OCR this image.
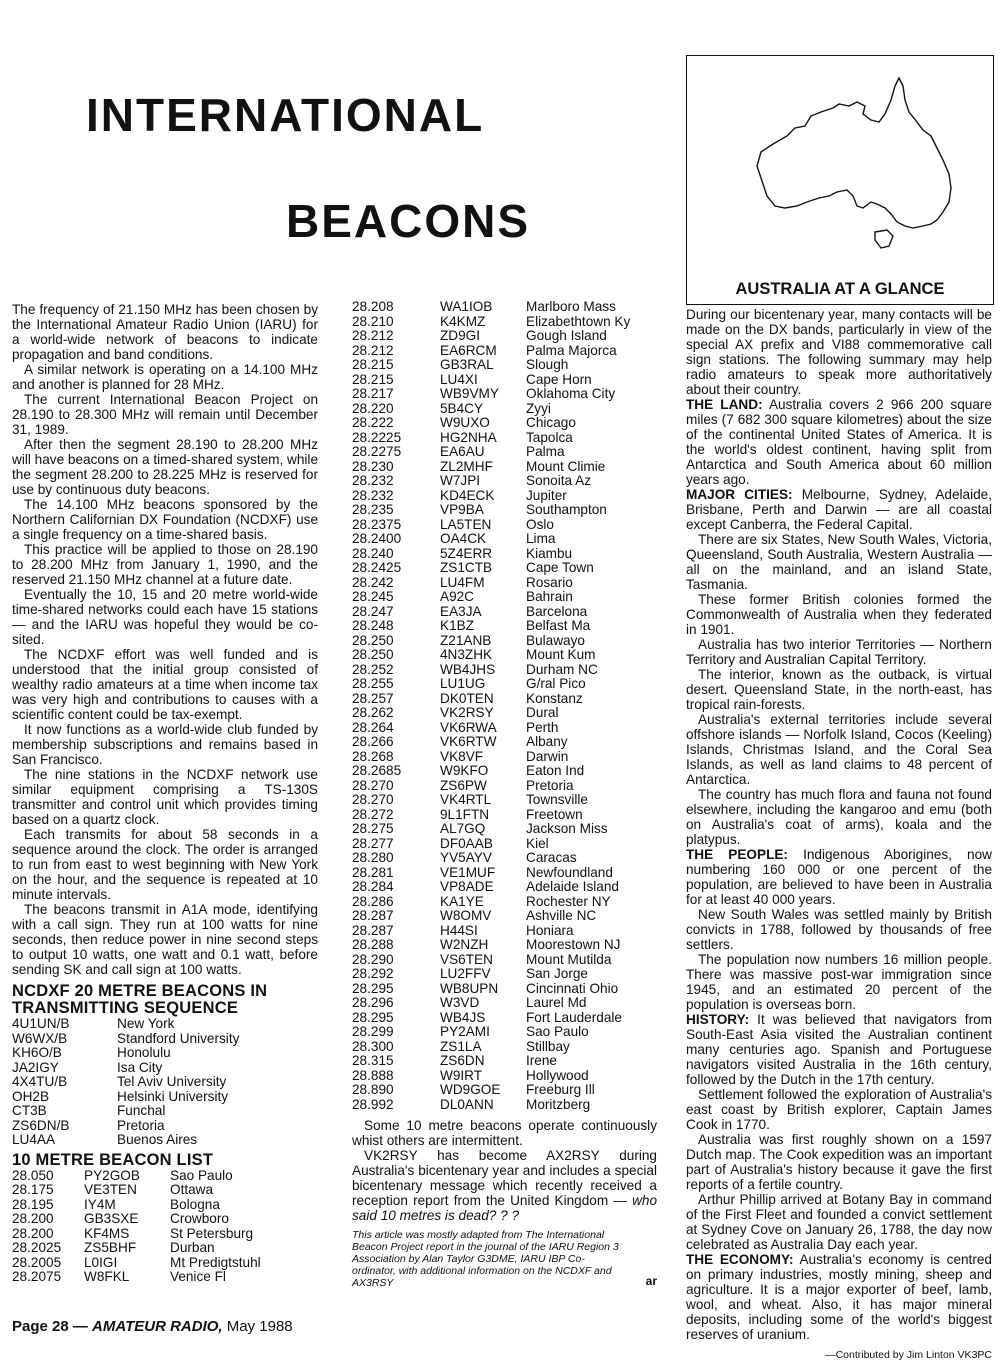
INTERNATIONAL
BEACONS

The frequency of 21.150 MHz has been chosen by the International Amateur Radio Union (IARU) for a world-wide network of beacons to indicate propagation and band conditions.

A similar network is operating on a 14.100 MHz and another is planned for 28 MHz.

The current International Beacon Project on 28.190 to 28.300 MHz will remain until December 31, 1989.

After then the segment 28.190 to 28.200 MHz will have beacons on a timed-shared system, while the segment 28.200 to 28.225 MHz is reserved for use by continuous duty beacons.

The 14.100 MHz beacons sponsored by the Northern Californian DX Foundation (NCDXF) use a single frequency on a time-shared basis.

This practice will be applied to those on 28.190 to 28.200 MHz from January 1, 1990, and the reserved 21.150 MHz channel at a future date.

Eventually the 10, 15 and 20 metre world-wide time-shared networks could each have 15 stations — and the IARU was hopeful they would be co-sited.

The NCDXF effort was well funded and is understood that the initial group consisted of wealthy radio amateurs at a time when income tax was very high and contributions to causes with a scientific content could be tax-exempt.

It now functions as a world-wide club funded by membership subscriptions and remains based in San Francisco.

The nine stations in the NCDXF network use similar equipment comprising a TS-130S transmitter and control unit which provides timing based on a quartz clock.

Each transmits for about 58 seconds in a sequence around the clock. The order is arranged to run from east to west beginning with New York on the hour, and the sequence is repeated at 10 minute intervals.

The beacons transmit in A1A mode, identifying with a call sign. They run at 100 watts for nine seconds, then reduce power in nine second steps to output 10 watts, one watt and 0.1 watt, before sending SK and call sign at 100 watts.

NCDXF 20 METRE BEACONS IN TRANSMITTING SEQUENCE
4U1UN/B	New York
W6WX/B	Standford University
KH6O/B	Honolulu
JA2IGY	Isa City
4X4TU/B	Tel Aviv University
OH2B	Helsinki University
CT3B	Funchal
ZS6DN/B	Pretoria
LU4AA	Buenos Aires
10 METRE BEACON LIST
28.050	PY2GOB	Sao Paulo
28.175	VE3TEN	Ottawa
28.195	IY4M	Bologna
28.200	GB3SXE	Crowboro
28.200	KF4MS	St Petersburg
28.2025	ZS5BHF	Durban
28.2005	L0IGI	Mt Predigtstuhl
28.2075	W8FKL	Venice Fl
28.208	WA1IOB	Marlboro Mass
28.210	K4KMZ	Elizabethtown Ky
28.212	ZD9GI	Gough Island
28.212	EA6RCM	Palma Majorca
28.215	GB3RAL	Slough
28.215	LU4XI	Cape Horn
28.217	WB9VMY	Oklahoma City
28.220	5B4CY	Zyyi
28.222	W9UXO	Chicago
28.2225	HG2NHA	Tapolca
28.2275	EA6AU	Palma
28.230	ZL2MHF	Mount Climie
28.232	W7JPI	Sonoita Az
28.232	KD4ECK	Jupiter
28.235	VP9BA	Southampton
28.2375	LA5TEN	Oslo
28.2400	OA4CK	Lima
28.240	5Z4ERR	Kiambu
28.2425	ZS1CTB	Cape Town
28.242	LU4FM	Rosario
28.245	A92C	Bahrain
28.247	EA3JA	Barcelona
28.248	K1BZ	Belfast Ma
28.250	Z21ANB	Bulawayo
28.250	4N3ZHK	Mount Kum
28.252	WB4JHS	Durham NC
28.255	LU1UG	G/ral Pico
28.257	DK0TEN	Konstanz
28.262	VK2RSY	Dural
28.264	VK6RWA	Perth
28.266	VK6RTW	Albany
28.268	VK8VF	Darwin
28.2685	W9KFO	Eaton Ind
28.270	ZS6PW	Pretoria
28.270	VK4RTL	Townsville
28.272	9L1FTN	Freetown
28.275	AL7GQ	Jackson Miss
28.277	DF0AAB	Kiel
28.280	YV5AYV	Caracas
28.281	VE1MUF	Newfoundland
28.284	VP8ADE	Adelaide Island
28.286	KA1YE	Rochester NY
28.287	W8OMV	Ashville NC
28.287	H44SI	Honiara
28.288	W2NZH	Moorestown NJ
28.290	VS6TEN	Mount Mutilda
28.292	LU2FFV	San Jorge
28.295	WB8UPN	Cincinnati Ohio
28.296	W3VD	Laurel Md
28.295	WB4JS	Fort Lauderdale
28.299	PY2AMI	Sao Paulo
28.300	ZS1LA	Stillbay
28.315	ZS6DN	Irene
28.888	W9IRT	Hollywood
28.890	WD9GOE	Freeburg Ill
28.992	DL0ANN	Moritzberg

Some 10 metre beacons operate continuously whist others are intermittent.

VK2RSY has become AX2RSY during Australia's bicentenary year and includes a special bicentenary message which recently received a reception report from the United Kingdom — who said 10 metres is dead? ? ?

This article was mostly adapted from The International Beacon Project report in the journal of the IARU Region 3 Association by Alan Taylor G3DME, IARU IBP Co-ordinator, with additional information on the NCDXF and AX3RSY	ar
AUSTRALIA AT A GLANCE

During our bicentenary year, many contacts will be made on the DX bands, particularly in view of the special AX prefix and VI88 commemorative call sign stations. The following summary may help radio amateurs to speak more authoritatively about their country.

THE LAND: Australia covers 2 966 200 square miles (7 682 300 square kilometres) about the size of the continental United States of America. It is the world's oldest continent, having split from Antarctica and South America about 60 million years ago.

MAJOR CITIES: Melbourne, Sydney, Adelaide, Brisbane, Perth and Darwin — are all coastal except Canberra, the Federal Capital.

There are six States, New South Wales, Victoria, Queensland, South Australia, Western Australia — all on the mainland, and an island State, Tasmania.

These former British colonies formed the Commonwealth of Australia when they federated in 1901.

Australia has two interior Territories — Northern Territory and Australian Capital Territory.

The interior, known as the outback, is virtual desert. Queensland State, in the north-east, has tropical rain-forests.

Australia's external territories include several offshore islands — Norfolk Island, Cocos (Keeling) Islands, Christmas Island, and the Coral Sea Islands, as well as land claims to 48 percent of Antarctica.

The country has much flora and fauna not found elsewhere, including the kangaroo and emu (both on Australia's coat of arms), koala and the platypus.

THE PEOPLE: Indigenous Aborigines, now numbering 160 000 or one percent of the population, are believed to have been in Australia for at least 40 000 years.

New South Wales was settled mainly by British convicts in 1788, followed by thousands of free settlers.

The population now numbers 16 million people. There was massive post-war immigration since 1945, and an estimated 20 percent of the population is overseas born.

HISTORY: It was believed that navigators from South-East Asia visited the Australian continent many centuries ago. Spanish and Portuguese navigators visited Australia in the 16th century, followed by the Dutch in the 17th century.

Settlement followed the exploration of Australia's east coast by British explorer, Captain James Cook in 1770.

Australia was first roughly shown on a 1597 Dutch map. The Cook expedition was an important part of Australia's history because it gave the first reports of a fertile country.

Arthur Phillip arrived at Botany Bay in command of the First Fleet and founded a convict settlement at Sydney Cove on January 26, 1788, the day now celebrated as Australia Day each year.

THE ECONOMY: Australia's economy is centred on primary industries, mostly mining, sheep and agriculture. It is a major exporter of beef, lamb, wool, and wheat. Also, it has major mineral deposits, including some of the world's biggest reserves of uranium.

—Contributed by Jim Linton VK3PC
Page 28 — AMATEUR RADIO, May 1988
